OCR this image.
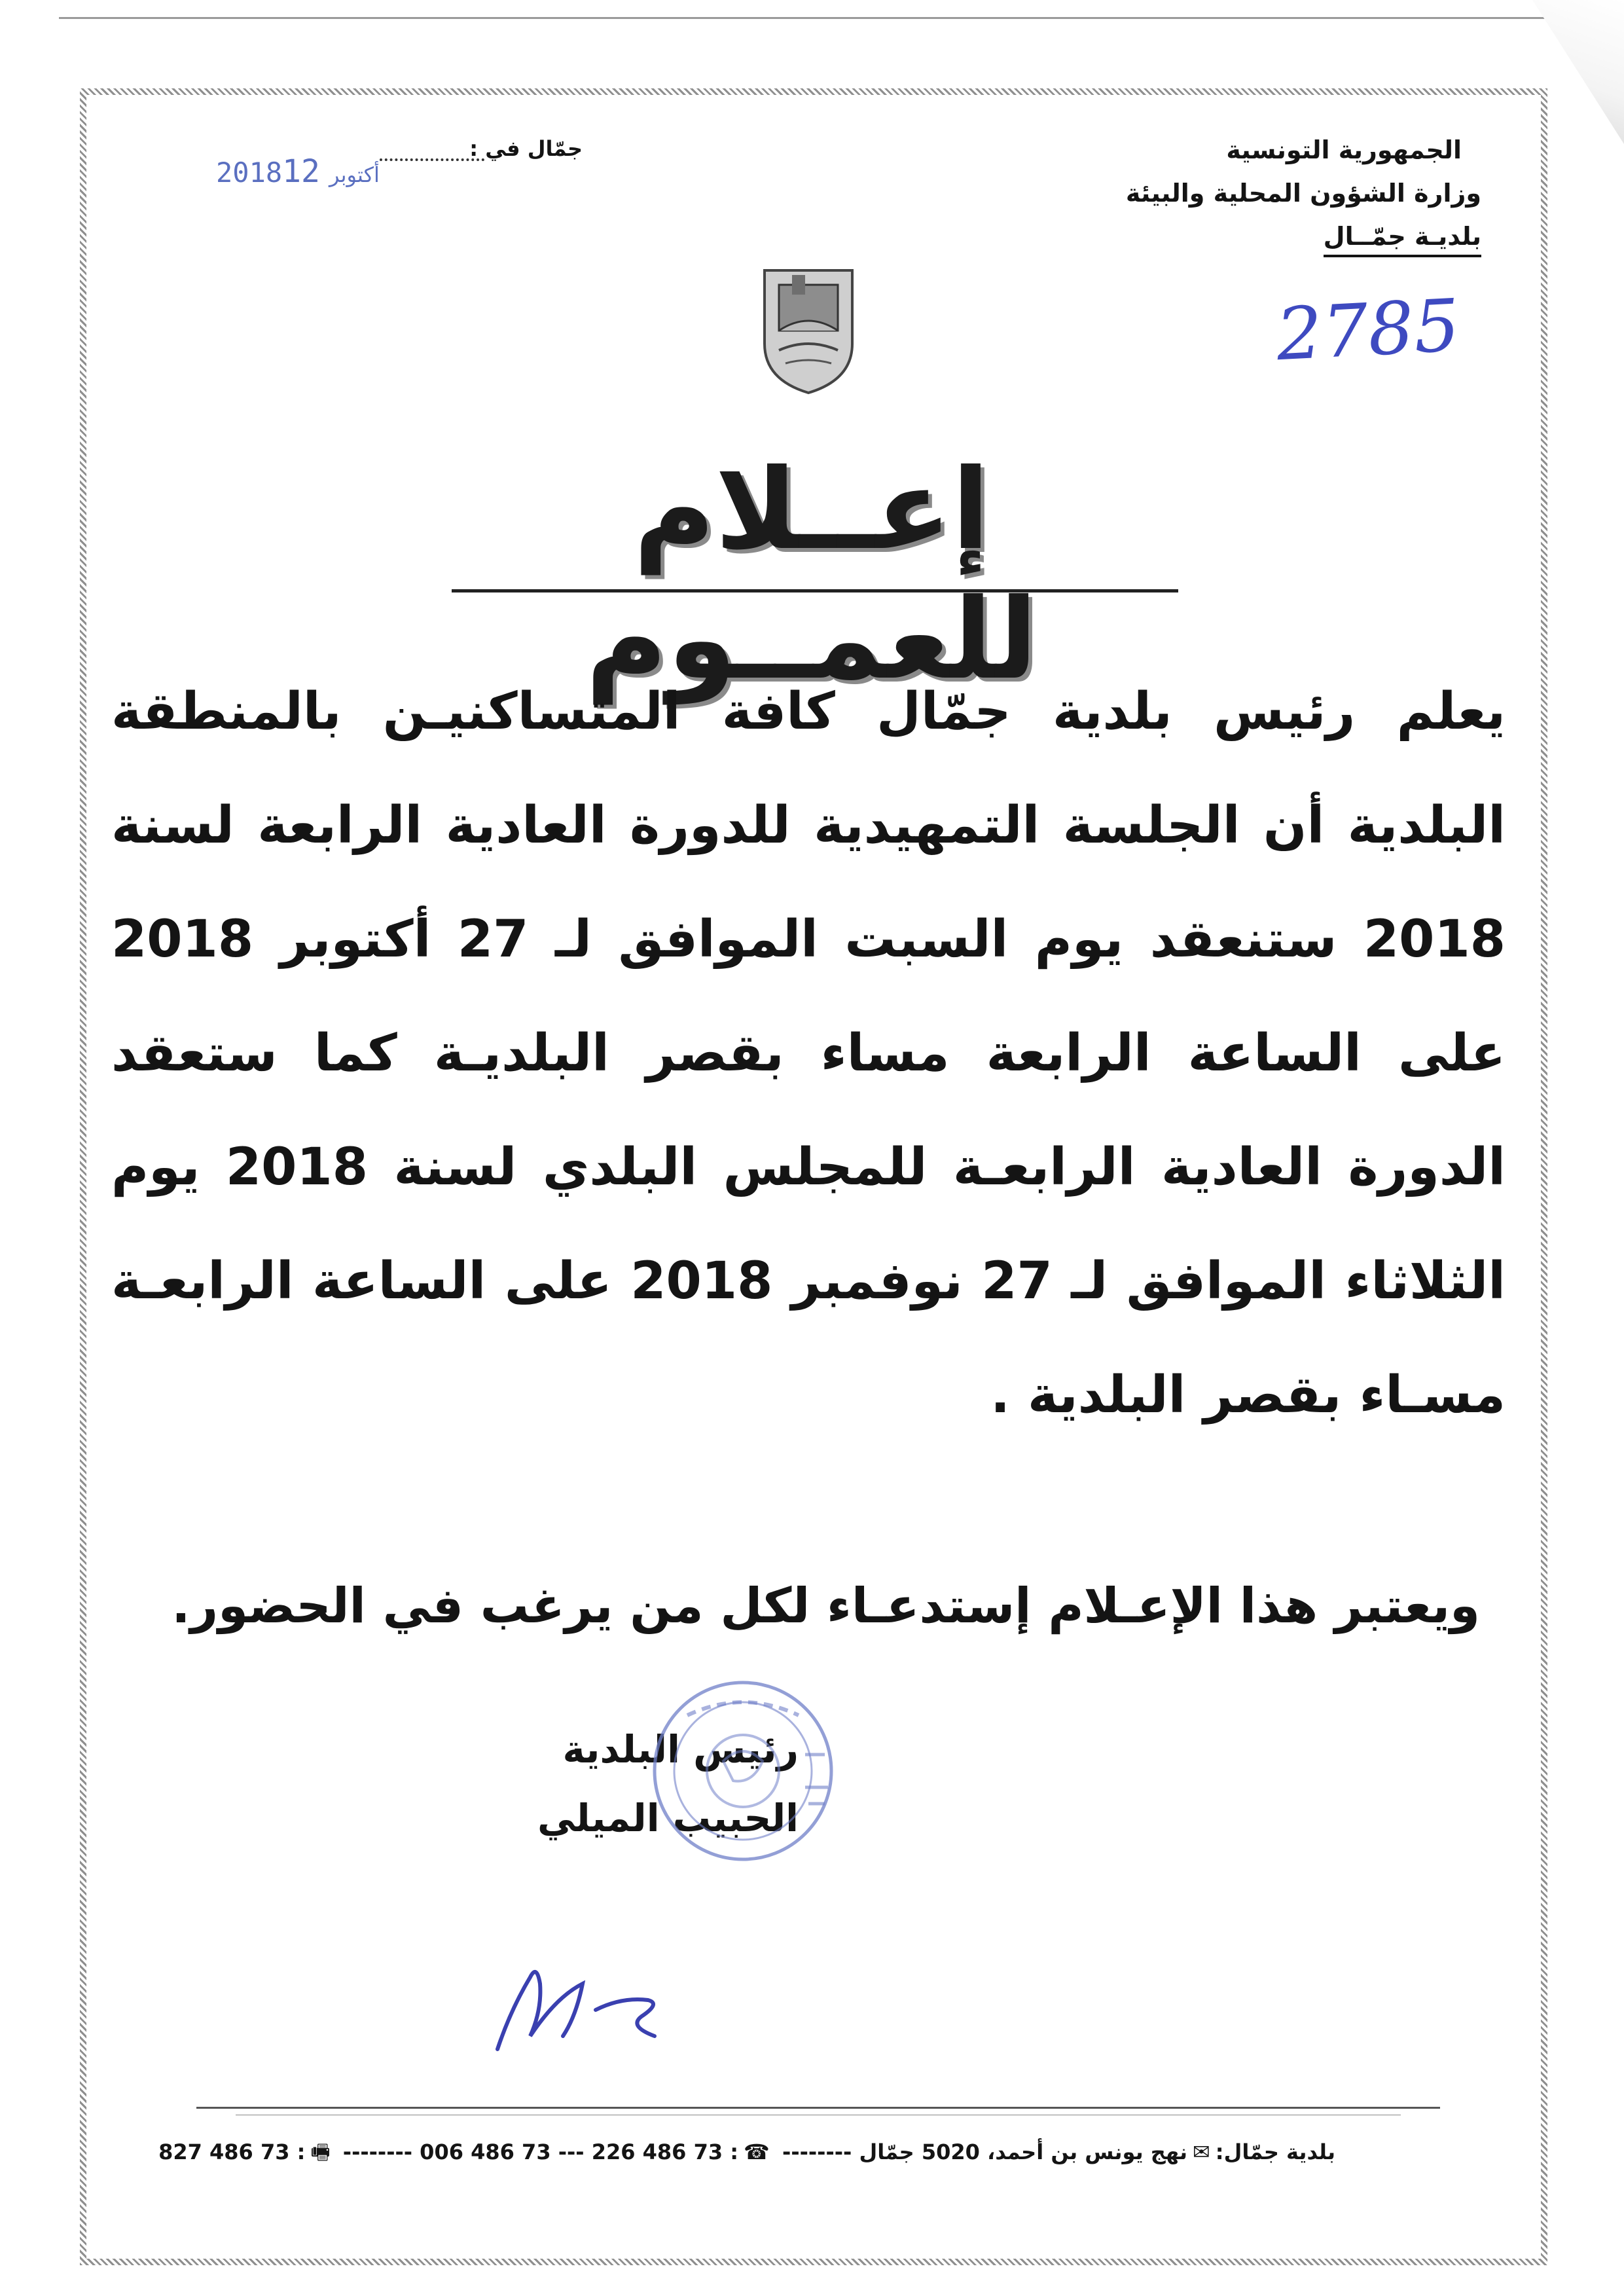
الجمهورية التونسية
وزارة الشؤون المحلية والبيئة
بلديـة جمّــال
جمّال في :
2018 أكتوبر12
2785
إعــلام للعمــوم
يعلم رئيس بلدية جمّال كافة المتساكنيـن بالمنطقة البلدية أن الجلسة التمهيدية للدورة العادية الرابعة لسنة 2018 ستنعقد يوم السبت الموافق لـ 27 أكتوبر 2018 على الساعة الرابعة مساء بقصر البلديـة كما ستعقد الدورة العادية الرابعـة للمجلس البلدي لسنة 2018 يوم الثلاثاء الموافق لـ 27 نوفمبر 2018 على الساعة الرابعـة مسـاء بقصر البلدية .
ويعتبر هذا الإعـلام إستدعـاء لكل من يرغب في الحضور.
رئيس البلدية
الحبيب الميلي
بلدية جمّال:✉نهج يونس بن أحمد، 5020 جمّال -------- ☎: 73 486 226 --- 73 486 006 -------- 🖷: 73 486 827
